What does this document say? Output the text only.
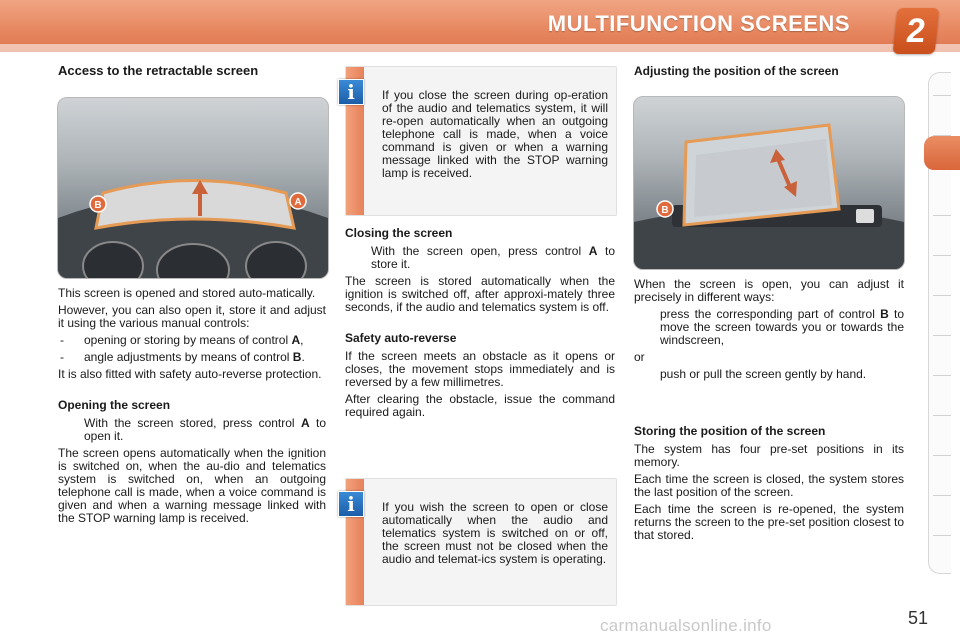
MULTIFUNCTION SCREENS	2
Access to the retractable screen
B	A

This screen is opened and stored auto-matically.

However, you can also open it, store it and adjust it using the various manual controls:

-	opening or storing by means of control A,
-	angle adjustments by means of control B.

It is also fitted with safety auto-reverse protection.

Opening the screen
With the screen stored, press control A to open it.

The screen opens automatically when the ignition is switched on, when the au-dio and telematics system is switched on, when an outgoing telephone call is made, when a voice command is given and when a warning message linked with the STOP warning lamp is received.

i	If you close the screen during op-eration of the audio and telematics system, it will re-open automatically when an outgoing telephone call is made, when a voice command is given or when a warning message linked with the STOP warning lamp is received.
Closing the screen
With the screen open, press control A to store it.

The screen is stored automatically when the ignition is switched off, after approxi-mately three seconds, if the audio and telematics system is off.

Safety auto-reverse

If the screen meets an obstacle as it opens or closes, the movement stops immediately and is reversed by a few millimetres.

After clearing the obstacle, issue the command required again.

i	If you wish the screen to open or close automatically when the audio and telematics system is switched on or off, the screen must not be closed when the audio and telemat-ics system is operating.
Adjusting the position of the screen
B

When the screen is open, you can adjust it precisely in different ways:

press the corresponding part of control B to move the screen towards you or towards the windscreen,

or

push or pull the screen gently by hand.
Storing the position of the screen

The system has four pre-set positions in its memory.

Each time the screen is closed, the system stores the last position of the screen.

Each time the screen is re-opened, the system returns the screen to the pre-set position closest to that stored.

51
carmanualsonline.info
